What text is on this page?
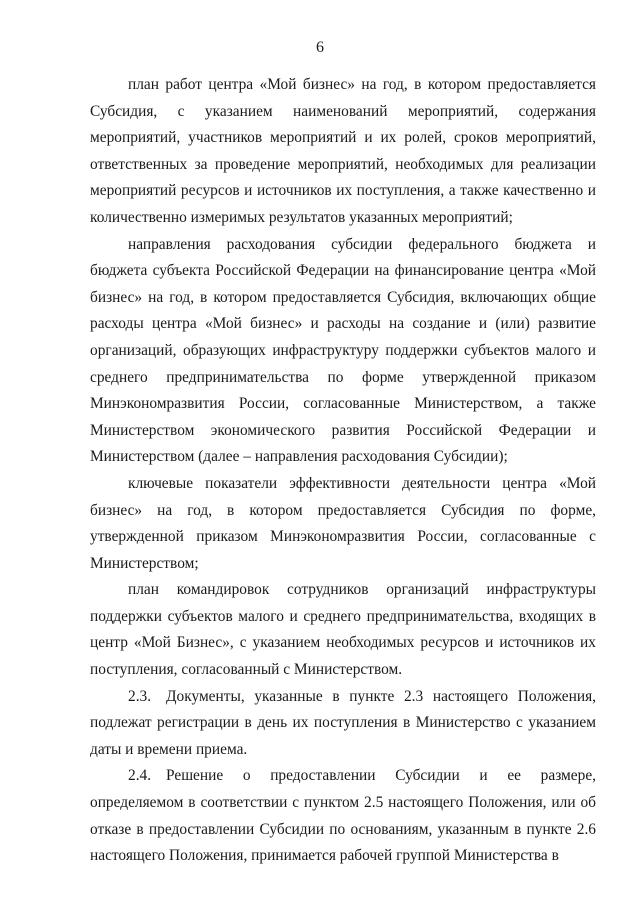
6

план работ центра «Мой бизнес» на год, в котором предоставляется Субсидия, с указанием наименований мероприятий, содержания мероприятий, участников мероприятий и их ролей, сроков мероприятий, ответственных за проведение мероприятий, необходимых для реализации мероприятий ресурсов и источников их поступления, а также качественно и количественно измеримых результатов указанных мероприятий;

направления расходования субсидии федерального бюджета и бюджета субъекта Российской Федерации на финансирование центра «Мой бизнес» на год, в котором предоставляется Субсидия, включающих общие расходы центра «Мой бизнес» и расходы на создание и (или) развитие организаций, образующих инфраструктуру поддержки субъектов малого и среднего предпринимательства по форме утвержденной приказом Минэкономразвития России, согласованные Министерством, а также Министерством экономического развития Российской Федерации и Министерством (далее – направления расходования Субсидии);

ключевые показатели эффективности деятельности центра «Мой бизнес» на год, в котором предоставляется Субсидия по форме, утвержденной приказом Минэкономразвития России, согласованные с Министерством;

план командировок сотрудников организаций инфраструктуры поддержки субъектов малого и среднего предпринимательства, входящих в центр «Мой Бизнес», с указанием необходимых ресурсов и источников их поступления, согласованный с Министерством.

2.3. Документы, указанные в пункте 2.3 настоящего Положения, подлежат регистрации в день их поступления в Министерство с указанием даты и времени приема.

2.4. Решение о предоставлении Субсидии и ее размере, определяемом в соответствии с пунктом 2.5 настоящего Положения, или об отказе в предоставлении Субсидии по основаниям, указанным в пункте 2.6 настоящего Положения, принимается рабочей группой Министерства в
